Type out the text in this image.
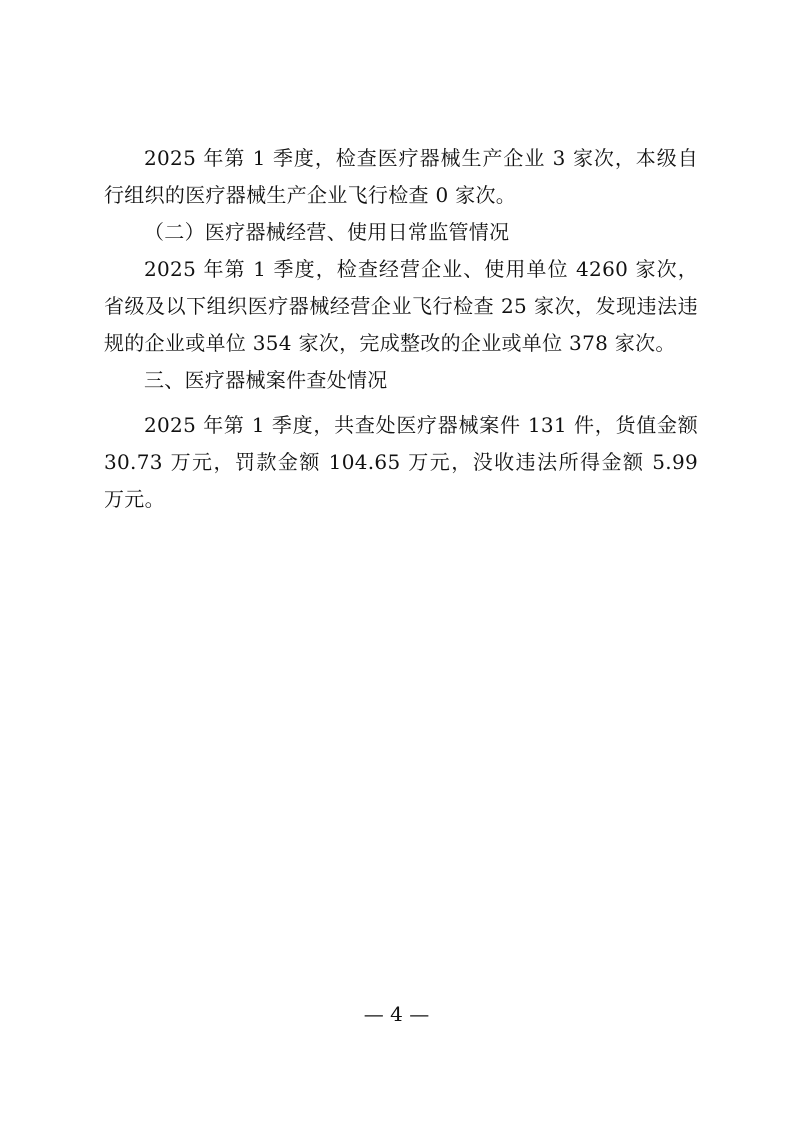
2025 年第 1 季度，检查医疗器械生产企业 3 家次，本级自行组织的医疗器械生产企业飞行检查 0 家次。

（二）医疗器械经营、使用日常监管情况

2025 年第 1 季度，检查经营企业、使用单位 4260 家次，省级及以下组织医疗器械经营企业飞行检查 25 家次，发现违法违规的企业或单位 354 家次，完成整改的企业或单位 378 家次。

三、医疗器械案件查处情况

2025 年第 1 季度，共查处医疗器械案件 131 件，货值金额 30.73 万元，罚款金额 104.65 万元，没收违法所得金额 5.99 万元。

— 4 —
